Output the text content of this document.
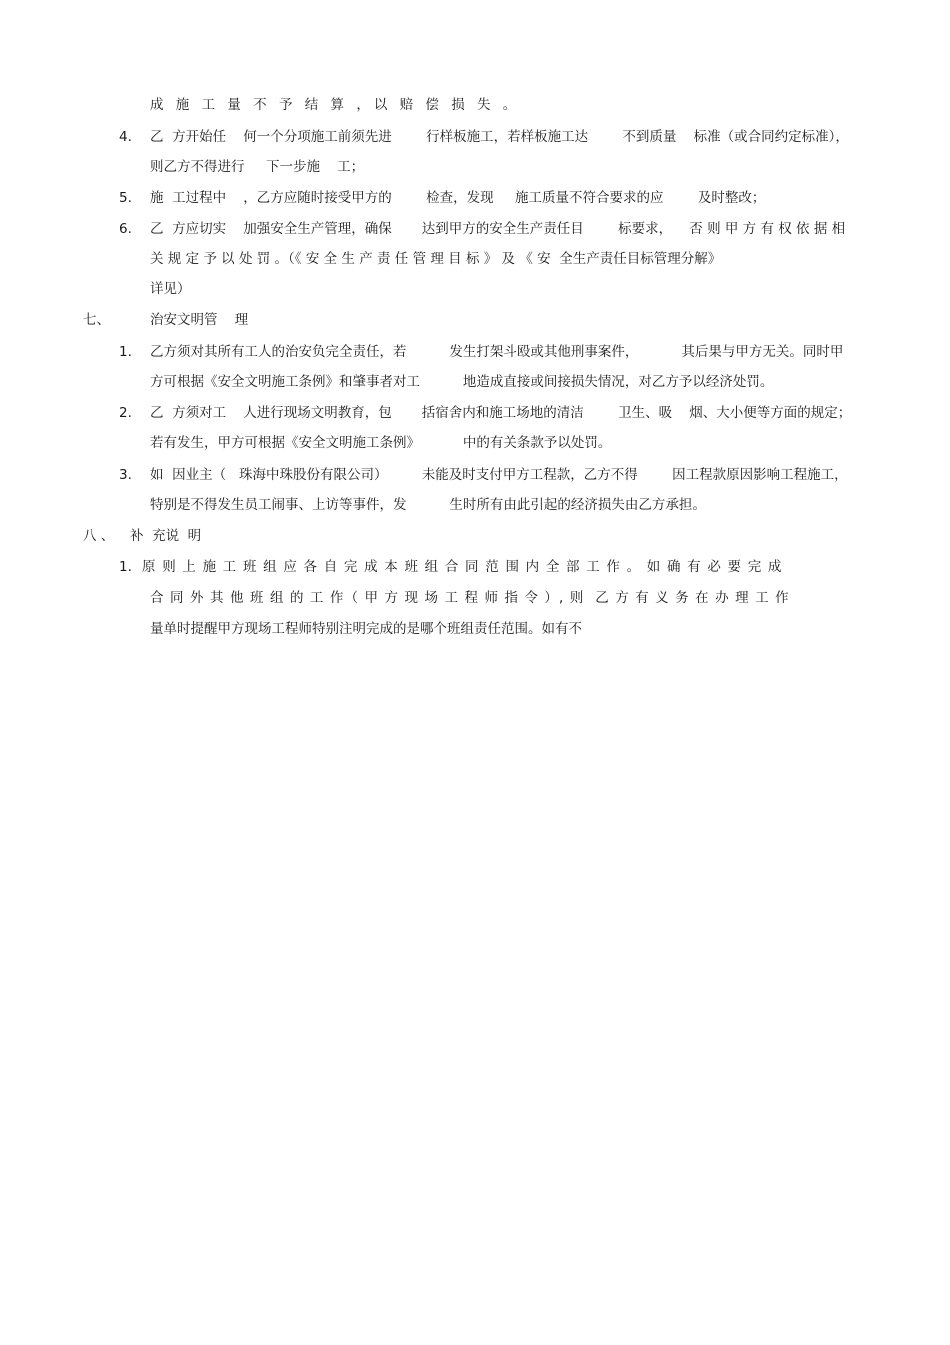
成 施 工 量 不 予 结 算 ，以 赔 偿 损 失 。
4. 乙  方开始任    何一个分项施工前须先进        行样板施工，若样板施工达        不到质量    标准（或合同约定标准），
则乙方不得进行     下一步施    工；
5. 施  工过程中    ，乙方应随时接受甲方的        检查，发现     施工质量不符合要求的应        及时整改；
6. 乙  方应切实    加强安全生产管理，确保       达到甲方的安全生产责任目        标要求，    否 则 甲 方 有 权 依 据 相
关 规 定 予 以 处 罚 。（《 安 全 生 产 责 任 管 理 目 标 》 及 《 安  全生产责任目标管理分解》
详见）
七、	治安文明管    理
1. 乙方须对其所有工人的治安负完全责任，若          发生打架斗殴或其他刑事案件，          其后果与甲方无关。同时甲
方可根据《安全文明施工条例》和肇事者对工          地造成直接或间接损失情况，对乙方予以经济处罚。
2. 乙  方须对工    人进行现场文明教育，包       括宿舍内和施工场地的清洁        卫生、吸    烟、大小便等方面的规定；
若有发生，甲方可根据《安全文明施工条例》          中的有关条款予以处罚。
3. 如  因业主（   珠海中珠股份有限公司）        未能及时支付甲方工程款，乙方不得        因工程款原因影响工程施工，
特别是不得发生员工闹事、上访等事件，发          生时所有由此引起的经济损失由乙方承担。
八 、 补  充说  明
1. 原 则 上 施 工 班 组 应 各 自 完 成 本 班 组 合 同 范 围 内 全 部 工 作 。 如 确 有 必 要 完 成
合 同 外 其 他 班 组 的 工 作（ 甲 方 现 场 工 程 师 指 令 ）, 则  乙 方 有 义 务 在 办 理 工 作
量单时提醒甲方现场工程师特别注明完成的是哪个班组责任范围。如有不
